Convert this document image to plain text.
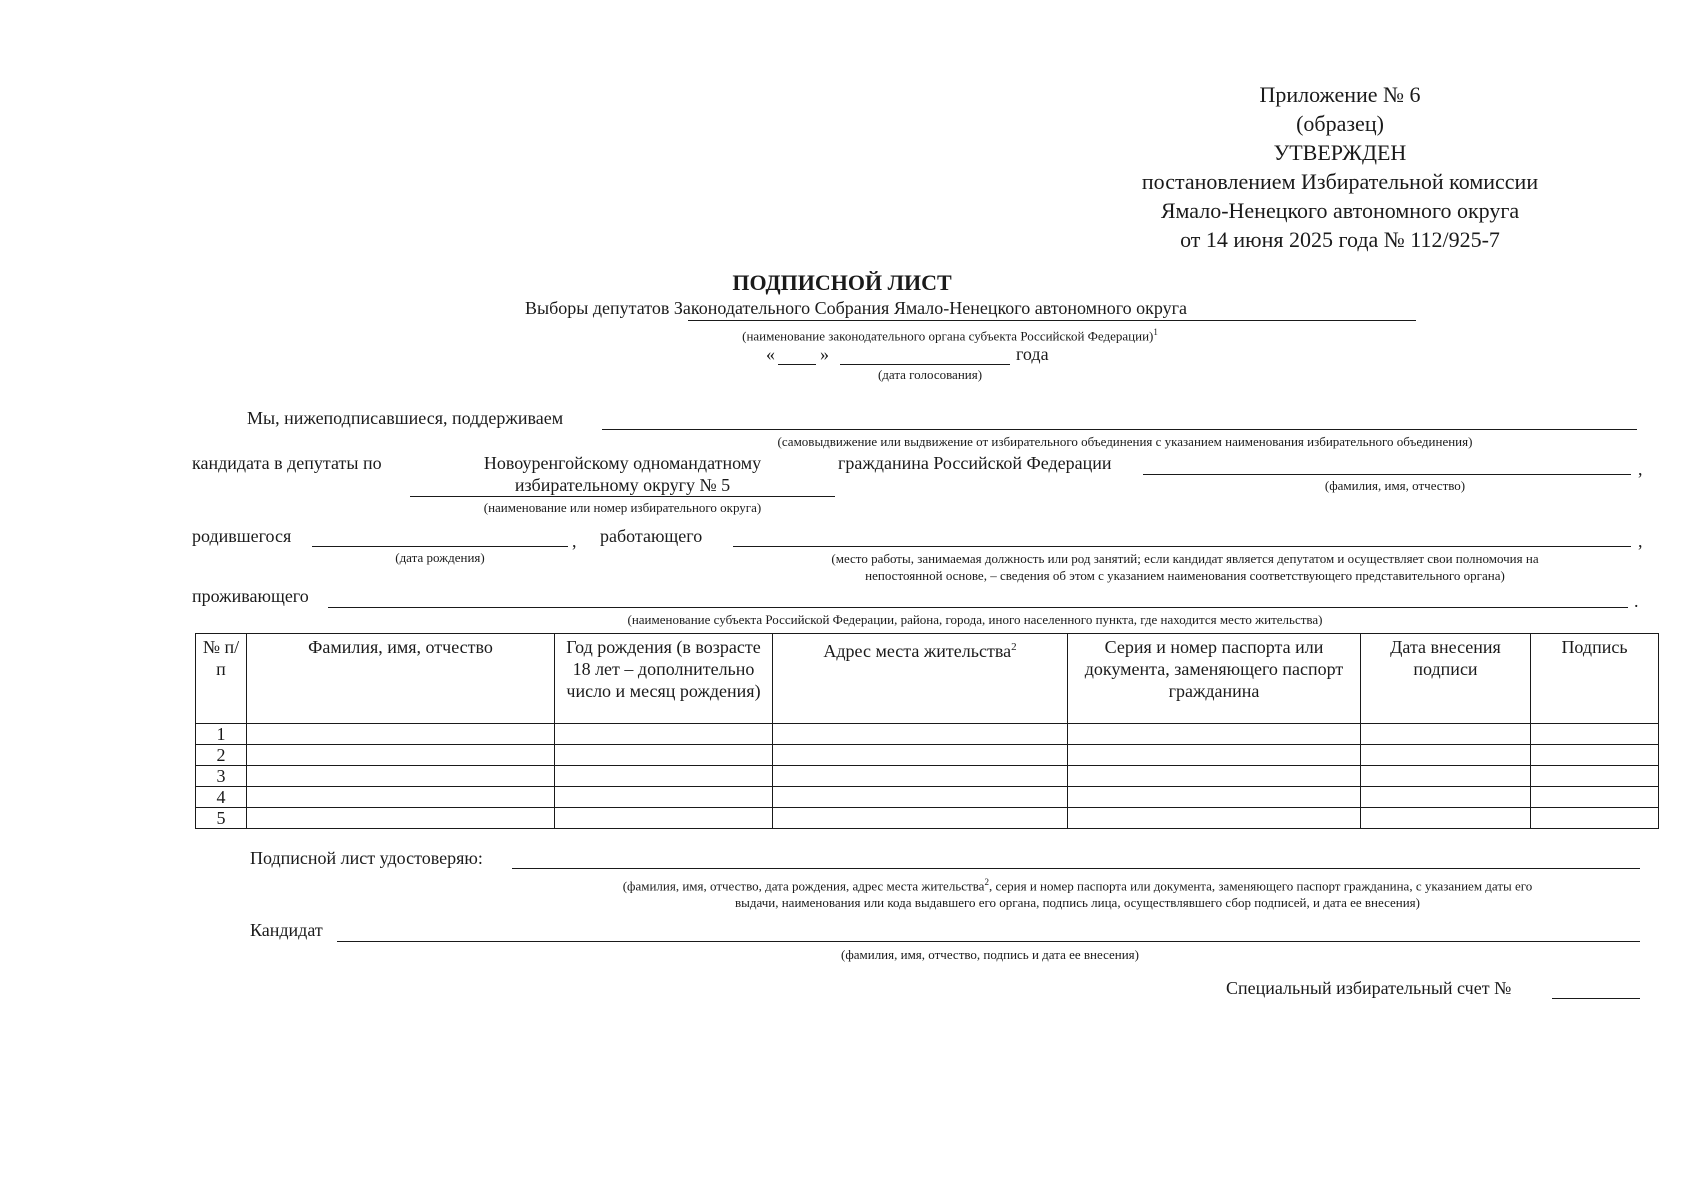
Приложение № 6
(образец)
УТВЕРЖДЕН
постановлением Избирательной комиссии
Ямало-Ненецкого автономного округа
от 14 июня 2025 года № 112/925-7
ПОДПИСНОЙ ЛИСТ
Выборы депутатов Законодательного Собрания Ямало-Ненецкого автономного округа
(наименование законодательного органа субъекта Российской Федерации)$^1$
«	»	года
(дата голосования)
Мы, нижеподписавшиеся, поддерживаем
(самовыдвижение или выдвижение от избирательного объединения с указанием наименования избирательного объединения)
кандидата в депутаты по	Новоуренгойскому одномандатному
избирательному округу № 5
(наименование или номер избирательного округа)
гражданина Российской Федерации	,
(фамилия, имя, отчество)
родившегося	,
(дата рождения)
работающего	,
(место работы, занимаемая должность или род занятий; если кандидат является депутатом и осуществляет свои полномочия на
непостоянной основе, – сведения об этом с указанием наименования соответствующего представительного органа)
проживающего	.
(наименование субъекта Российской Федерации, района, города, иного населенного пункта, где находится место жительства)
№ п/п	Фамилия, имя, отчество	Год рождения (в возрасте 18 лет – дополнительно число и месяц рождения)	Адрес места жительства$^2$	Серия и номер паспорта или документа, заменяющего паспорт гражданина	Дата внесения подписи	Подпись
1						
2						
3						
4						
5						
Подписной лист удостоверяю:
(фамилия, имя, отчество, дата рождения, адрес места жительства$^2$, серия и номер паспорта или документа, заменяющего паспорт гражданина, с указанием даты его
выдачи, наименования или кода выдавшего его органа, подпись лица, осуществлявшего сбор подписей, и дата ее внесения)
Кандидат
(фамилия, имя, отчество, подпись и дата ее внесения)
Специальный избирательный счет №
